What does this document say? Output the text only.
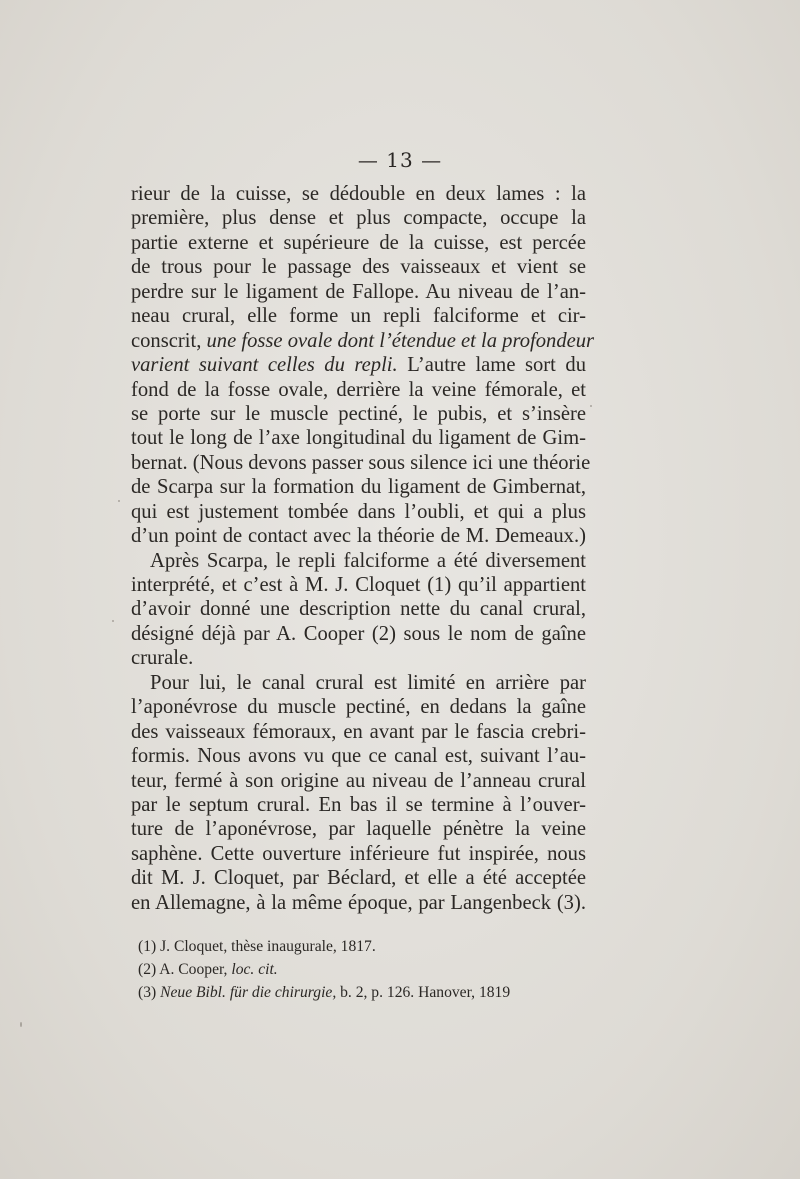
— 13 —
rieur de la cuisse, se dédouble en deux lames : la
première, plus dense et plus compacte, occupe la
partie externe et supérieure de la cuisse, est percée
de trous pour le passage des vaisseaux et vient se
perdre sur le ligament de Fallope. Au niveau de l’an-
neau crural, elle forme un repli falciforme et cir-
conscrit, une fosse ovale dont l’étendue et la profondeur
varient suivant celles du repli. L’autre lame sort du
fond de la fosse ovale, derrière la veine fémorale, et
se porte sur le muscle pectiné, le pubis, et s’insère
tout le long de l’axe longitudinal du ligament de Gim-
bernat. (Nous devons passer sous silence ici une théorie
de Scarpa sur la formation du ligament de Gimbernat,
qui est justement tombée dans l’oubli, et qui a plus
d’un point de contact avec la théorie de M. Demeaux.)
Après Scarpa, le repli falciforme a été diversement
interprété, et c’est à M. J. Cloquet (1) qu’il appartient
d’avoir donné une description nette du canal crural,
désigné déjà par A. Cooper (2) sous le nom de gaîne
crurale.
Pour lui, le canal crural est limité en arrière par
l’aponévrose du muscle pectiné, en dedans la gaîne
des vaisseaux fémoraux, en avant par le fascia crebri-
formis. Nous avons vu que ce canal est, suivant l’au-
teur, fermé à son origine au niveau de l’anneau crural
par le septum crural. En bas il se termine à l’ouver-
ture de l’aponévrose, par laquelle pénètre la veine
saphène. Cette ouverture inférieure fut inspirée, nous
dit M. J. Cloquet, par Béclard, et elle a été acceptée
en Allemagne, à la même époque, par Langenbeck (3).
(1) J. Cloquet, thèse inaugurale, 1817.
(2) A. Cooper, loc. cit.
(3) Neue Bibl. für die chirurgie, b. 2, p. 126. Hanover, 1819
